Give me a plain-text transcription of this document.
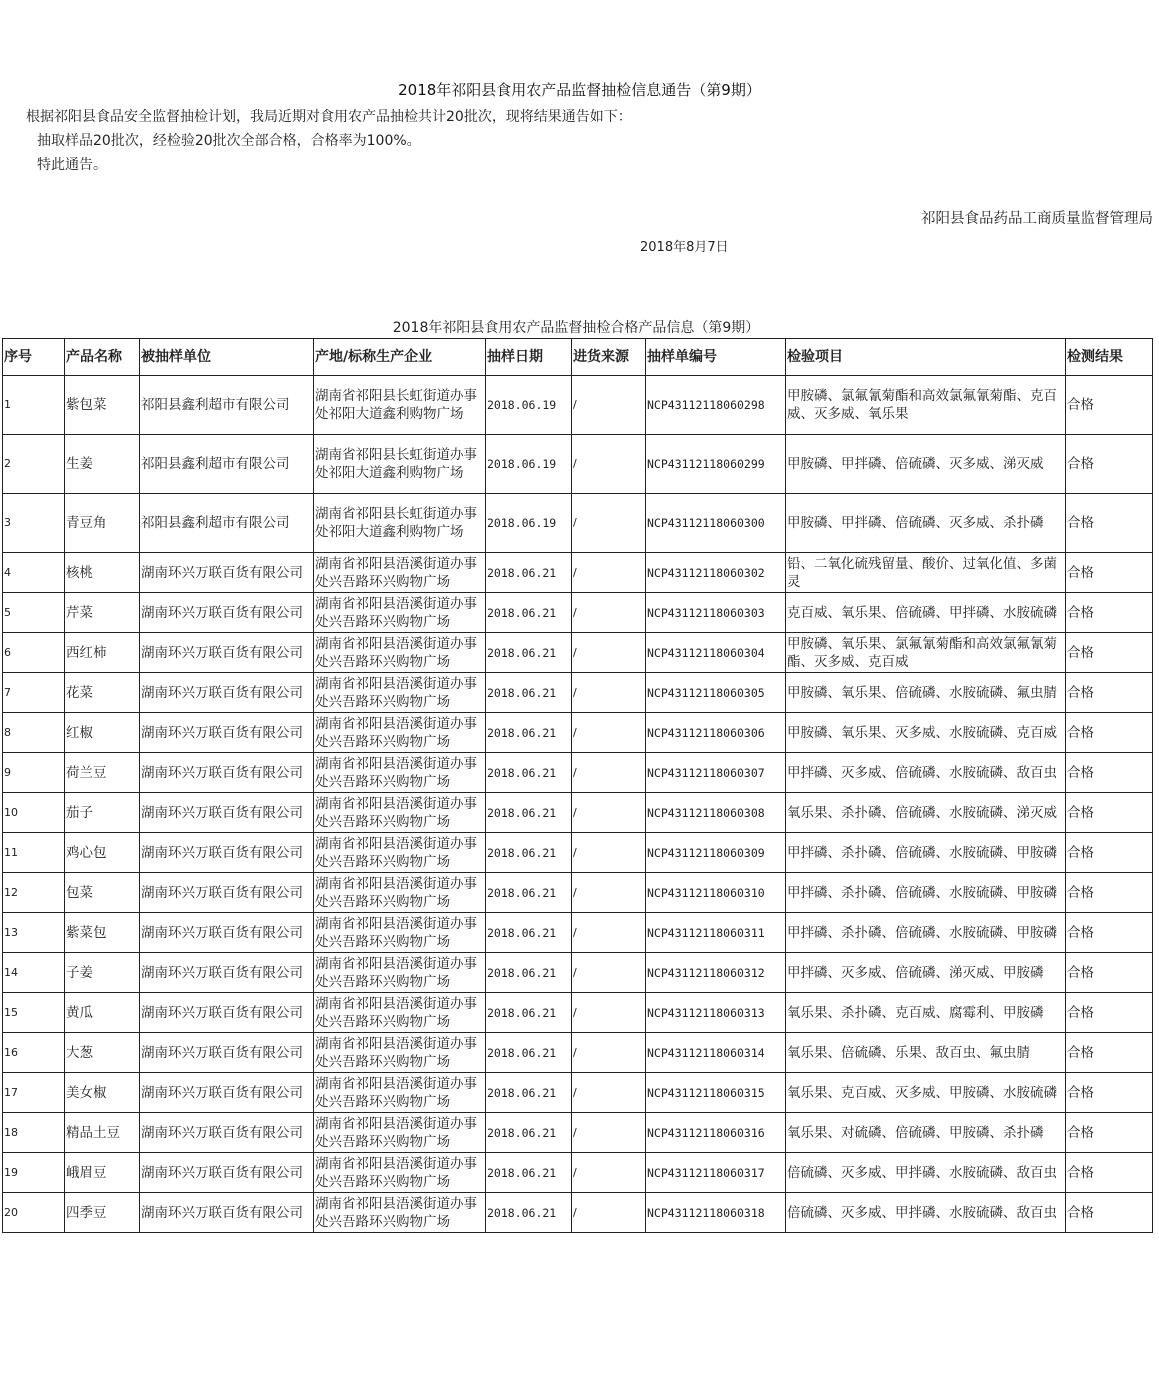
2018年祁阳县食用农产品监督抽检信息通告（第9期）

根据祁阳县食品安全监督抽检计划，我局近期对食用农产品抽检共计20批次，现将结果通告如下：

抽取样品20批次，经检验20批次全部合格，合格率为100%。

特此通告。

祁阳县食品药品工商质量监督管理局
2018年8月7日
2018年祁阳县食用农产品监督抽检合格产品信息（第9期）
序号	产品名称	被抽样单位	产地/标称生产企业	抽样日期	进货来源	抽样单编号	检验项目	检测结果
1	紫包菜	祁阳县鑫利超市有限公司	湖南省祁阳县长虹街道办事处祁阳大道鑫利购物广场	2018.06.19	/	NCP43112118060298	甲胺磷、氯氟氰菊酯和高效氯氟氰菊酯、克百威、灭多威、氧乐果	合格
2	生姜	祁阳县鑫利超市有限公司	湖南省祁阳县长虹街道办事处祁阳大道鑫利购物广场	2018.06.19	/	NCP43112118060299	甲胺磷、甲拌磷、倍硫磷、灭多威、涕灭威	合格
3	青豆角	祁阳县鑫利超市有限公司	湖南省祁阳县长虹街道办事处祁阳大道鑫利购物广场	2018.06.19	/	NCP43112118060300	甲胺磷、甲拌磷、倍硫磷、灭多威、杀扑磷	合格
4	核桃	湖南环兴万联百货有限公司	湖南省祁阳县浯溪街道办事处兴吾路环兴购物广场	2018.06.21	/	NCP43112118060302	铅、二氧化硫残留量、酸价、过氧化值、多菌灵	合格
5	芹菜	湖南环兴万联百货有限公司	湖南省祁阳县浯溪街道办事处兴吾路环兴购物广场	2018.06.21	/	NCP43112118060303	克百威、氧乐果、倍硫磷、甲拌磷、水胺硫磷	合格
6	西红柿	湖南环兴万联百货有限公司	湖南省祁阳县浯溪街道办事处兴吾路环兴购物广场	2018.06.21	/	NCP43112118060304	甲胺磷、氧乐果、氯氟氰菊酯和高效氯氟氰菊酯、灭多威、克百威	合格
7	花菜	湖南环兴万联百货有限公司	湖南省祁阳县浯溪街道办事处兴吾路环兴购物广场	2018.06.21	/	NCP43112118060305	甲胺磷、氧乐果、倍硫磷、水胺硫磷、氟虫腈	合格
8	红椒	湖南环兴万联百货有限公司	湖南省祁阳县浯溪街道办事处兴吾路环兴购物广场	2018.06.21	/	NCP43112118060306	甲胺磷、氧乐果、灭多威、水胺硫磷、克百威	合格
9	荷兰豆	湖南环兴万联百货有限公司	湖南省祁阳县浯溪街道办事处兴吾路环兴购物广场	2018.06.21	/	NCP43112118060307	甲拌磷、灭多威、倍硫磷、水胺硫磷、敌百虫	合格
10	茄子	湖南环兴万联百货有限公司	湖南省祁阳县浯溪街道办事处兴吾路环兴购物广场	2018.06.21	/	NCP43112118060308	氧乐果、杀扑磷、倍硫磷、水胺硫磷、涕灭威	合格
11	鸡心包	湖南环兴万联百货有限公司	湖南省祁阳县浯溪街道办事处兴吾路环兴购物广场	2018.06.21	/	NCP43112118060309	甲拌磷、杀扑磷、倍硫磷、水胺硫磷、甲胺磷	合格
12	包菜	湖南环兴万联百货有限公司	湖南省祁阳县浯溪街道办事处兴吾路环兴购物广场	2018.06.21	/	NCP43112118060310	甲拌磷、杀扑磷、倍硫磷、水胺硫磷、甲胺磷	合格
13	紫菜包	湖南环兴万联百货有限公司	湖南省祁阳县浯溪街道办事处兴吾路环兴购物广场	2018.06.21	/	NCP43112118060311	甲拌磷、杀扑磷、倍硫磷、水胺硫磷、甲胺磷	合格
14	子姜	湖南环兴万联百货有限公司	湖南省祁阳县浯溪街道办事处兴吾路环兴购物广场	2018.06.21	/	NCP43112118060312	甲拌磷、灭多威、倍硫磷、涕灭威、甲胺磷	合格
15	黄瓜	湖南环兴万联百货有限公司	湖南省祁阳县浯溪街道办事处兴吾路环兴购物广场	2018.06.21	/	NCP43112118060313	氧乐果、杀扑磷、克百威、腐霉利、甲胺磷	合格
16	大葱	湖南环兴万联百货有限公司	湖南省祁阳县浯溪街道办事处兴吾路环兴购物广场	2018.06.21	/	NCP43112118060314	氧乐果、倍硫磷、乐果、敌百虫、氟虫腈	合格
17	美女椒	湖南环兴万联百货有限公司	湖南省祁阳县浯溪街道办事处兴吾路环兴购物广场	2018.06.21	/	NCP43112118060315	氧乐果、克百威、灭多威、甲胺磷、水胺硫磷	合格
18	精品土豆	湖南环兴万联百货有限公司	湖南省祁阳县浯溪街道办事处兴吾路环兴购物广场	2018.06.21	/	NCP43112118060316	氧乐果、对硫磷、倍硫磷、甲胺磷、杀扑磷	合格
19	峨眉豆	湖南环兴万联百货有限公司	湖南省祁阳县浯溪街道办事处兴吾路环兴购物广场	2018.06.21	/	NCP43112118060317	倍硫磷、灭多威、甲拌磷、水胺硫磷、敌百虫	合格
20	四季豆	湖南环兴万联百货有限公司	湖南省祁阳县浯溪街道办事处兴吾路环兴购物广场	2018.06.21	/	NCP43112118060318	倍硫磷、灭多威、甲拌磷、水胺硫磷、敌百虫	合格
